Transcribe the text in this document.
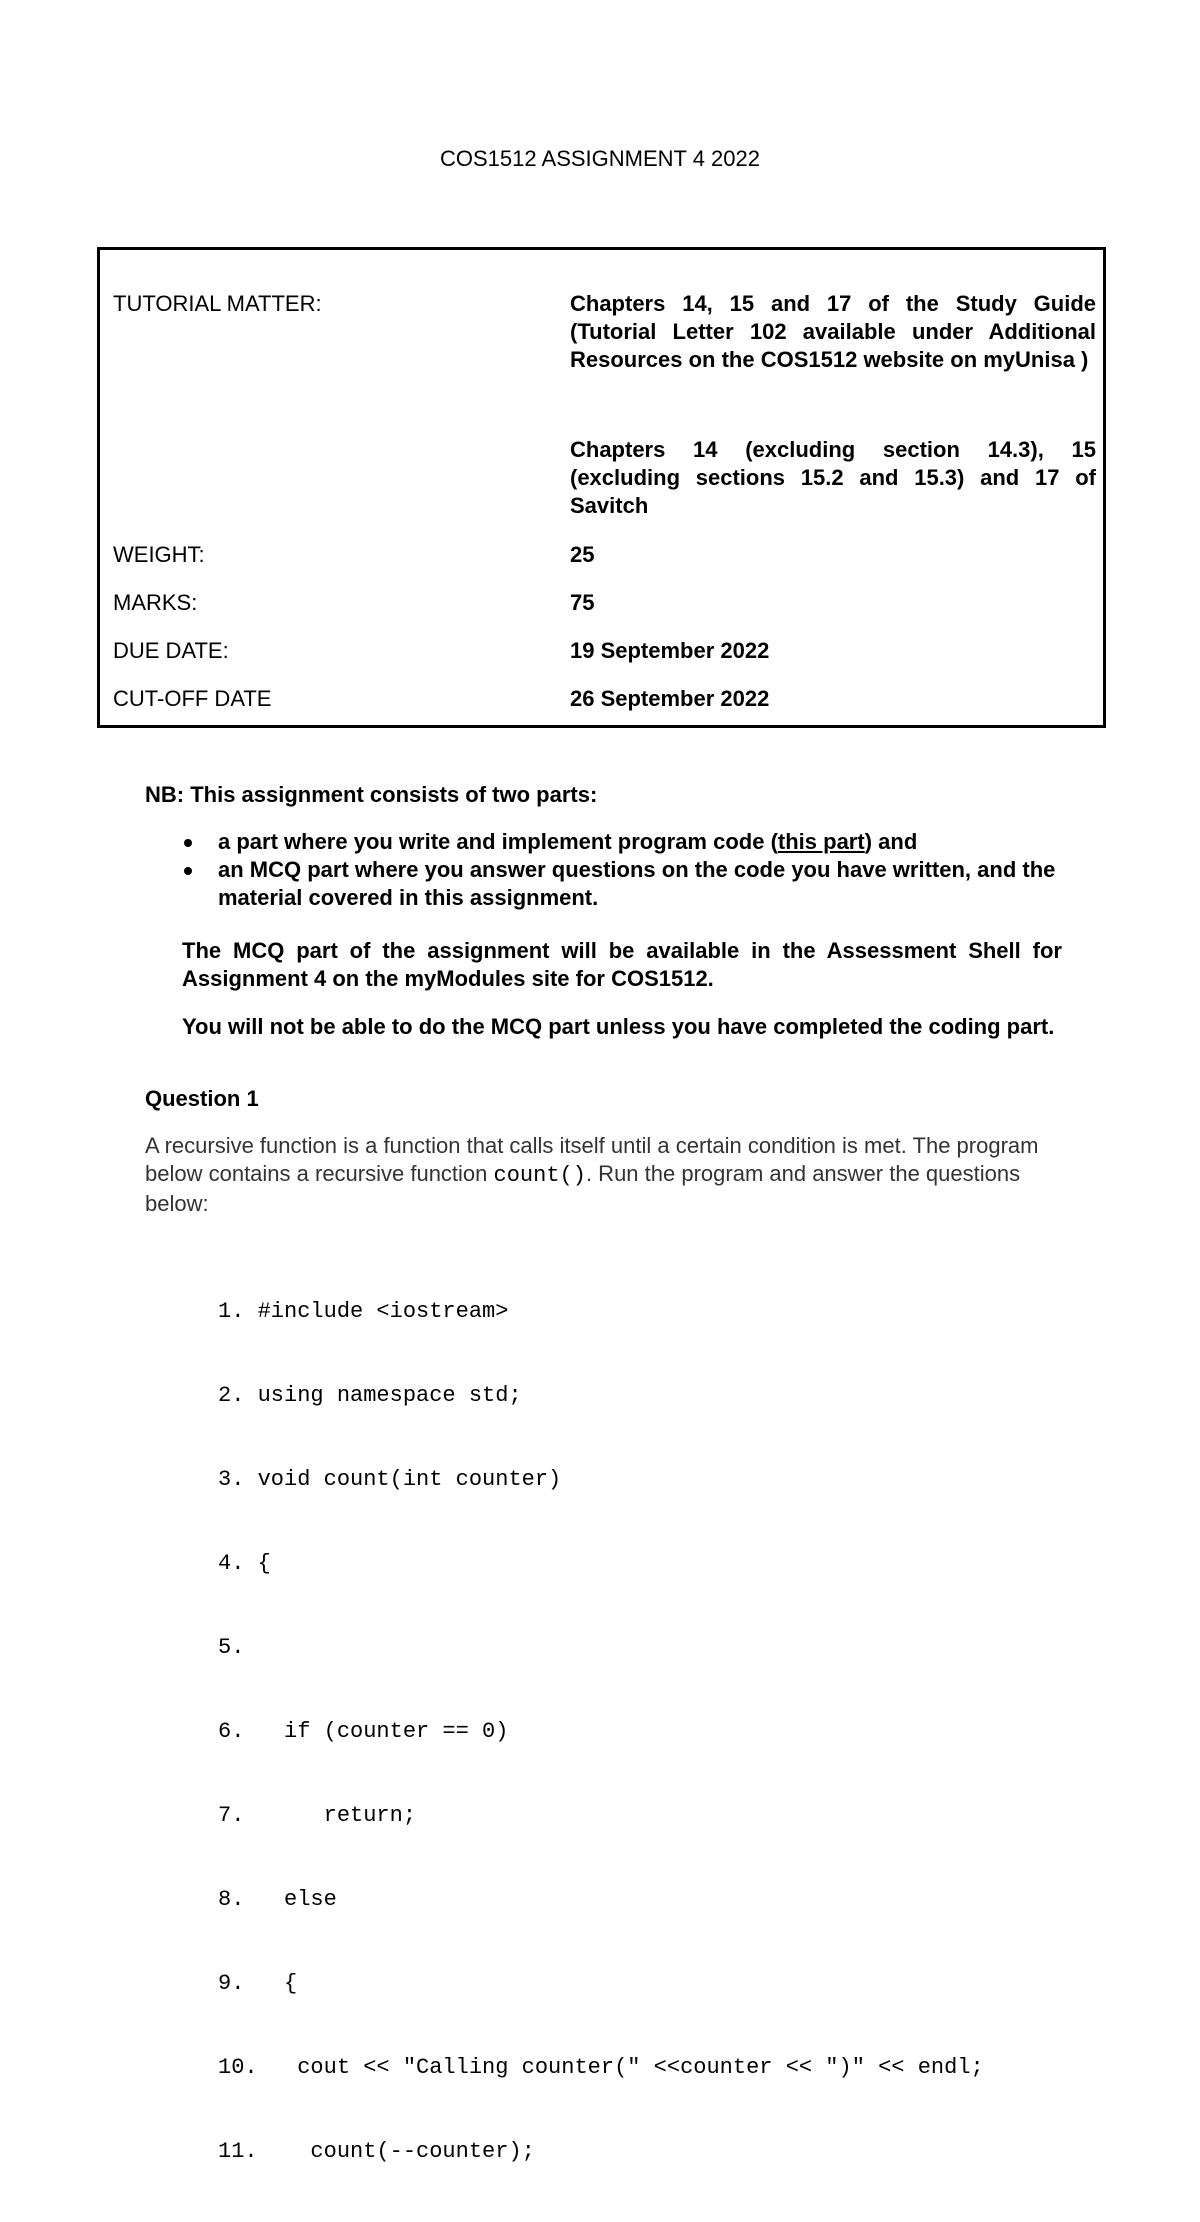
COS1512 ASSIGNMENT 4 2022
TUTORIAL MATTER:	Chapters 14, 15 and 17 of the Study Guide (Tutorial Letter 102 available under Additional Resources on the COS1512 website on myUnisa )
Chapters 14 (excluding section 14.3), 15 (excluding sections 15.2 and 15.3) and 17 of Savitch
WEIGHT:	25
MARKS:	75
DUE DATE:	19 September 2022
CUT-OFF DATE	26 September 2022
NB: This assignment consists of two parts:
a part where you write and implement program code (this part) and
an MCQ part where you answer questions on the code you have written, and the material covered in this assignment.
The MCQ part of the assignment will be available in the Assessment Shell for Assignment 4 on the myModules site for COS1512.
You will not be able to do the MCQ part unless you have completed the coding part.
Question 1
A recursive function is a function that calls itself until a certain condition is met. The program below contains a recursive function count(). Run the program and answer the questions below:

1. #include <iostream>

2. using namespace std;

3. void count(int counter)

4. {

5.

6.   if (counter == 0)

7.      return;

8.   else

9.   {

10.   cout << "Calling counter(" <<counter << ")" << endl;

11.    count(--counter);
